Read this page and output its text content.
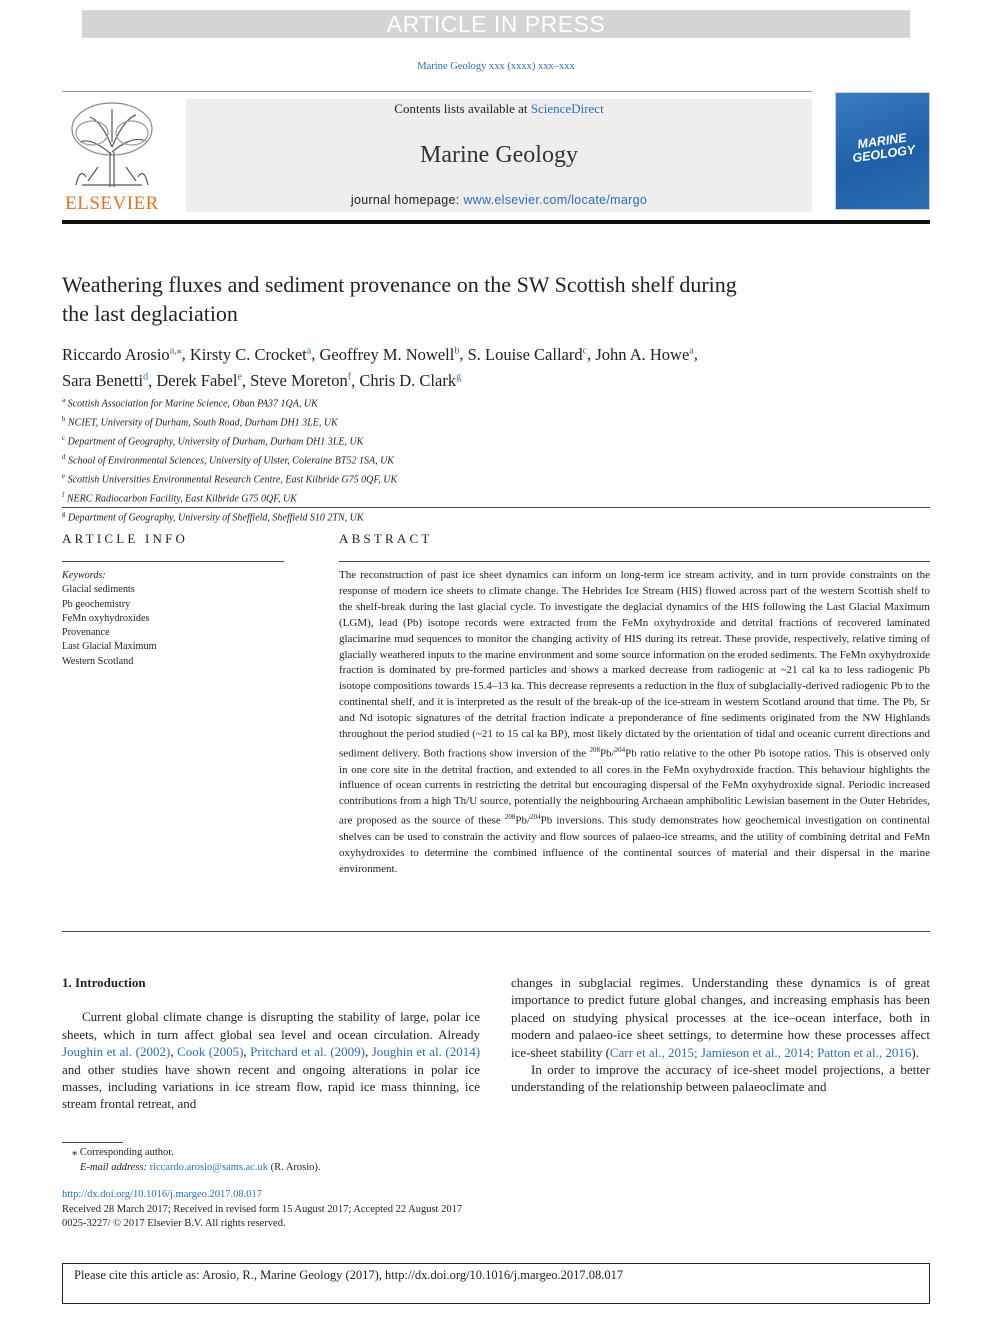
ARTICLE IN PRESS
Marine Geology xxx (xxxx) xxx–xxx
ELSEVIER
Contents lists available at ScienceDirect
Marine Geology
journal homepage: www.elsevier.com/locate/margo
MARINE GEOLOGY
Weathering fluxes and sediment provenance on the SW Scottish shelf during
the last deglaciation
Riccardo Arosio$^{a,⁎}$, Kirsty C. Crocket$^a$, Geoffrey M. Nowell$^b$, S. Louise Callard$^c$, John A. Howe$^a$,
Sara Benetti$^d$, Derek Fabel$^e$, Steve Moreton$^f$, Chris D. Clark$^g$
$^a$ Scottish Association for Marine Science, Oban PA37 1QA, UK
$^b$ NCIET, University of Durham, South Road, Durham DH1 3LE, UK
$^c$ Department of Geography, University of Durham, Durham DH1 3LE, UK
$^d$ School of Environmental Sciences, University of Ulster, Coleraine BT52 1SA, UK
$^e$ Scottish Universities Environmental Research Centre, East Kilbride G75 0QF, UK
$^f$ NERC Radiocarbon Facility, East Kilbride G75 0QF, UK
$^g$ Department of Geography, University of Sheffield, Sheffield S10 2TN, UK
ARTICLE INFO	ABSTRACT
Keywords:
Glacial sediments
Pb geochemistry
FeMn oxyhydroxides
Provenance
Last Glacial Maximum
Western Scotland
The reconstruction of past ice sheet dynamics can inform on long-term ice stream activity, and in turn provide constraints on the response of modern ice sheets to climate change. The Hebrides Ice Stream (HIS) flowed across part of the western Scottish shelf to the shelf-break during the last glacial cycle. To investigate the deglacial dynamics of the HIS following the Last Glacial Maximum (LGM), lead (Pb) isotope records were extracted from the FeMn oxyhydroxide and detrital fractions of recovered laminated glacimarine mud sequences to monitor the changing activity of HIS during its retreat. These provide, respectively, relative timing of glacially weathered inputs to the marine environment and some source information on the eroded sediments. The FeMn oxyhydroxide fraction is dominated by pre-formed particles and shows a marked decrease from radiogenic at ~21 cal ka to less radiogenic Pb isotope compositions towards 15.4–13 ka. This decrease represents a reduction in the flux of subglacially-derived radiogenic Pb to the continental shelf, and it is interpreted as the result of the break-up of the ice-stream in western Scotland around that time. The Pb, Sr and Nd isotopic signatures of the detrital fraction indicate a preponderance of fine sediments originated from the NW Highlands throughout the period studied (~21 to 15 cal ka BP), most likely dictated by the orientation of tidal and oceanic current directions and sediment delivery. Both fractions show inversion of the $^{208}$Pb/$^{204}$Pb ratio relative to the other Pb isotope ratios. This is observed only in one core site in the detrital fraction, and extended to all cores in the FeMn oxyhydroxide fraction. This behaviour highlights the influence of ocean currents in restricting the detrital but encouraging dispersal of the FeMn oxyhydroxide signal. Periodic increased contributions from a high Th/U source, potentially the neighbouring Archaean amphibolitic Lewisian basement in the Outer Hebrides, are proposed as the source of these $^{208}$Pb/$^{204}$Pb inversions. This study demonstrates how geochemical investigation on continental shelves can be used to constrain the activity and flow sources of palaeo-ice streams, and the utility of combining detrital and FeMn oxyhydroxides to determine the combined influence of the continental sources of material and their dispersal in the marine environment.
1. Introduction

Current global climate change is disrupting the stability of large, polar ice sheets, which in turn affect global sea level and ocean circulation. Already Joughin et al. (2002), Cook (2005), Pritchard et al. (2009), Joughin et al. (2014) and other studies have shown recent and ongoing alterations in polar ice masses, including variations in ice stream flow, rapid ice mass thinning, ice stream frontal retreat, and

changes in subglacial regimes. Understanding these dynamics is of great importance to predict future global changes, and increasing emphasis has been placed on studying physical processes at the ice–ocean interface, both in modern and palaeo-ice sheet settings, to determine how these processes affect ice-sheet stability (Carr et al., 2015; Jamieson et al., 2014; Patton et al., 2016).

In order to improve the accuracy of ice-sheet model projections, a better understanding of the relationship between palaeoclimate and

⁎ Corresponding author.
E-mail address: riccardo.arosio@sams.ac.uk (R. Arosio).
http://dx.doi.org/10.1016/j.margeo.2017.08.017
Received 28 March 2017; Received in revised form 15 August 2017; Accepted 22 August 2017
0025-3227/ © 2017 Elsevier B.V. All rights reserved.
Please cite this article as: Arosio, R., Marine Geology (2017), http://dx.doi.org/10.1016/j.margeo.2017.08.017
